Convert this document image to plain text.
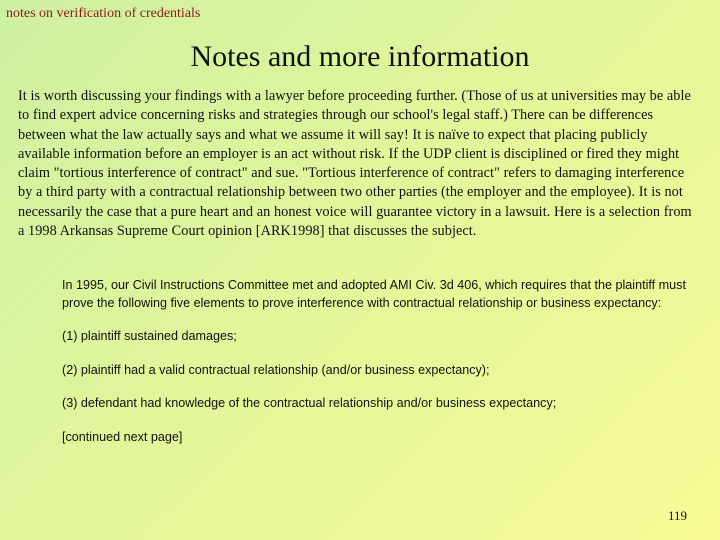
notes on verification of credentials
Notes and more information

It is worth discussing your findings with a lawyer before proceeding further. (Those of us at universities may be able to find expert advice concerning risks and strategies through our school's legal staff.) There can be differences between what the law actually says and what we assume it will say! It is naïve to expect that placing publicly available information before an employer is an act without risk. If the UDP client is disciplined or fired they might claim "tortious interference of contract" and sue. "Tortious interference of contract" refers to damaging interference by a third party with a contractual relationship between two other parties (the employer and the employee). It is not necessarily the case that a pure heart and an honest voice will guarantee victory in a lawsuit. Here is a selection from a 1998 Arkansas Supreme Court opinion [ARK1998] that discusses the subject.

In 1995, our Civil Instructions Committee met and adopted AMI Civ. 3d 406, which requires that the plaintiff must prove the following five elements to prove interference with contractual relationship or business expectancy:

(1) plaintiff sustained damages;

(2) plaintiff had a valid contractual relationship (and/or business expectancy);

(3) defendant had knowledge of the contractual relationship and/or business expectancy;

[continued next page]

119
